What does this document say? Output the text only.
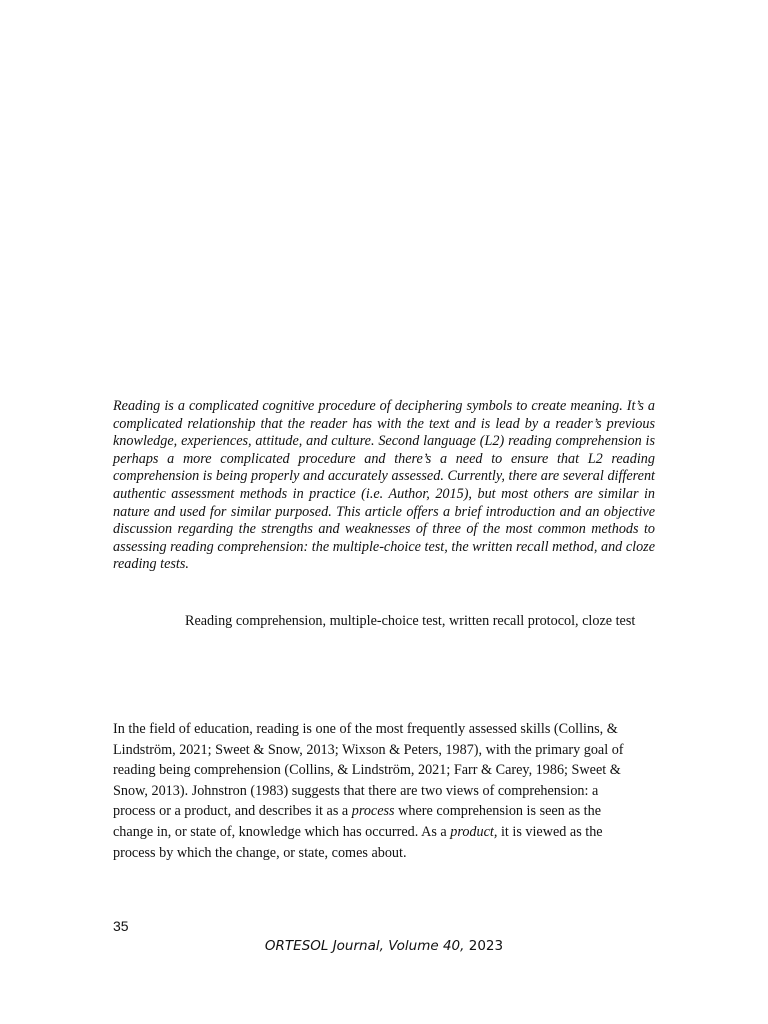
Reading is a complicated cognitive procedure of deciphering symbols to create meaning. It’s a complicated relationship that the reader has with the text and is lead by a reader’s previous knowledge, experiences, attitude, and culture. Second language (L2) reading comprehension is perhaps a more complicated procedure and there’s a need to ensure that L2 reading comprehension is being properly and accurately assessed. Currently, there are several different authentic assessment methods in practice (i.e. Author, 2015), but most others are similar in nature and used for similar purposed. This article offers a brief introduction and an objective discussion regarding the strengths and weaknesses of three of the most common methods to assessing reading comprehension: the multiple-choice test, the written recall method, and cloze reading tests.

Reading comprehension, multiple-choice test, written recall protocol, cloze test

In the field of education, reading is one of the most frequently assessed skills (Collins, & Lindström, 2021; Sweet & Snow, 2013; Wixson & Peters, 1987), with the primary goal of reading being comprehension (Collins, & Lindström, 2021; Farr & Carey, 1986; Sweet & Snow, 2013). Johnstron (1983) suggests that there are two views of comprehension: a process or a product, and describes it as a process where comprehension is seen as the change in, or state of, knowledge which has occurred. As a product, it is viewed as the process by which the change, or state, comes about.

35

ORTESOL Journal, Volume 40, 2023
